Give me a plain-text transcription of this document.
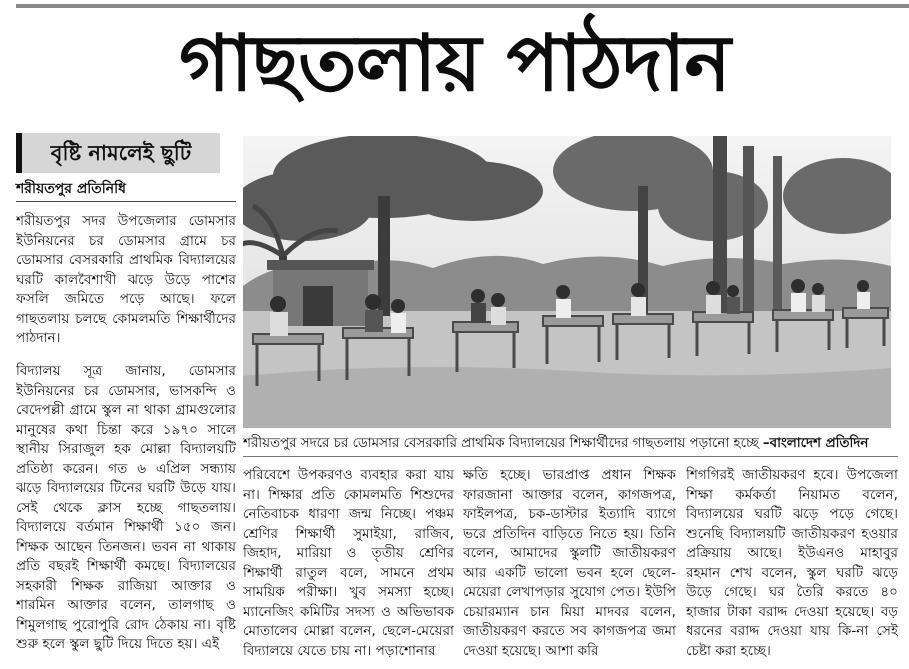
গাছতলায় পাঠদান
বৃষ্টি নামলেই ছুটি
শরীয়তপুর প্রতিনিধি

শরীয়তপুর সদর উপজেলার ডোমসার ইউনিয়নের চর ডোমসার গ্রামে চর ডোমসার বেসরকারি প্রাথমিক বিদ্যালয়ের ঘরটি কালবৈশাখী ঝড়ে উড়ে পাশের ফসলি জমিতে পড়ে আছে। ফলে গাছতলায় চলছে কোমলমতি শিক্ষার্থীদের পাঠদান।

বিদ্যালয় সূত্র জানায়, ডোমসার ইউনিয়নের চর ডোমসার, ভাসকন্দি ও বেদেপল্লী গ্রামে স্কুল না থাকা গ্রামগুলোর মানুষের কথা চিন্তা করে ১৯৭০ সালে স্থানীয় সিরাজুল হক মোল্লা বিদ্যালয়টি প্রতিষ্ঠা করেন। গত ৬ এপ্রিল সন্ধ্যায় ঝড়ে বিদ্যালয়ের টিনের ঘরটি উড়ে যায়। সেই থেকে ক্লাস হচ্ছে গাছতলায়। বিদ্যালয়ে বর্তমান শিক্ষার্থী ১৫০ জন। শিক্ষক আছেন তিনজন। ভবন না থাকায় প্রতি বছরই শিক্ষার্থী কমছে। বিদ্যালয়ের সহকারী শিক্ষক রাজিয়া আক্তার ও শারমিন আক্তার বলেন, তালগাছ ও শিমুলগাছ পুরোপুরি রোদ ঠেকায় না। বৃষ্টি শুরু হলে স্কুল ছুটি দিয়ে দিতে হয়। এই

শরীয়তপুর সদরে চর ডোমসার বেসরকারি প্রাথমিক বিদ্যালয়ের শিক্ষার্থীদের গাছতলায় পড়ানো হচ্ছে –বাংলাদেশ প্রতিদিন

পরিবেশে উপকরণও ব্যবহার করা যায় না। শিক্ষার প্রতি কোমলমতি শিশুদের নেতিবাচক ধারণা জন্ম নিচ্ছে। পঞ্চম শ্রেণির শিক্ষার্থী সুমাইয়া, রাজিব, জিহাদ, মারিয়া ও তৃতীয় শ্রেণির শিক্ষার্থী রাতুল বলে, সামনে প্রথম সাময়িক পরীক্ষা। খুব সমস্যা হচ্ছে। ম্যানেজিং কমিটির সদস্য ও অভিভাবক মোতালেব মোল্লা বলেন, ছেলে-মেয়েরা বিদ্যালয়ে যেতে চায় না। পড়াশোনার

ক্ষতি হচ্ছে। ভারপ্রাপ্ত প্রধান শিক্ষক ফারজানা আক্তার বলেন, কাগজপত্র, ফাইলপত্র, চক-ডাস্টার ইত্যাদি ব্যাগে ভরে প্রতিদিন বাড়িতে নিতে হয়। তিনি বলেন, আমাদের স্কুলটি জাতীয়করণ আর একটি ভালো ভবন হলে ছেলে-মেয়েরা লেখাপড়ার সুযোগ পেত। ইউপি চেয়ারম্যান চান মিয়া মাদবর বলেন, জাতীয়করণ করতে সব কাগজপত্র জমা দেওয়া হয়েছে। আশা করি

শিগগিরই জাতীয়করণ হবে। উপজেলা শিক্ষা কর্মকর্তা নিয়ামত বলেন, বিদ্যালয়ের ঘরটি ঝড়ে পড়ে গেছে। শুনেছি বিদ্যালয়টি জাতীয়করণ হওয়ার প্রক্রিয়ায় আছে। ইউএনও মাহাবুর রহমান শেখ বলেন, স্কুল ঘরটি ঝড়ে উড়ে গেছে। ঘর তৈরি করতে ৪০ হাজার টাকা বরাদ্দ দেওয়া হয়েছে। বড় ধরনের বরাদ্দ দেওয়া যায় কি-না সেই চেষ্টা করা হচ্ছে।
